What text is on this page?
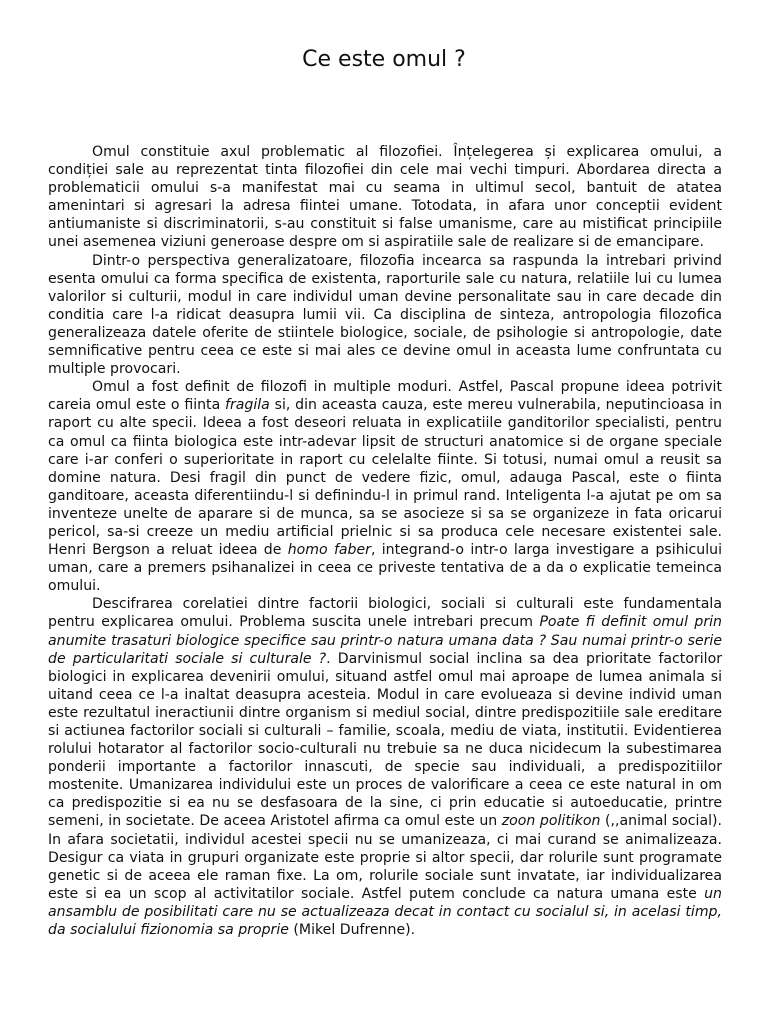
Ce este omul ?

Omul constituie axul problematic al filozofiei. Înțelegerea și explicarea omului, a condiției sale au reprezentat tinta filozofiei din cele mai vechi timpuri. Abordarea directa a problematicii omului s-a manifestat mai cu seama in ultimul secol, bantuit de atatea amenintari si agresari la adresa fiintei umane. Totodata, in afara unor conceptii evident antiumaniste si discriminatorii, s-au constituit si false umanisme, care au mistificat principiile unei asemenea viziuni generoase despre om si aspiratiile sale de realizare si de emancipare.

Dintr-o perspectiva generalizatoare, filozofia incearca sa raspunda la intrebari privind esenta omului ca forma specifica de existenta, raporturile sale cu natura, relatiile lui cu lumea valorilor si culturii, modul in care individul uman devine personalitate sau in care decade din conditia care l-a ridicat deasupra lumii vii. Ca disciplina de sinteza, antropologia filozofica generalizeaza datele oferite de stiintele biologice, sociale, de psihologie si antropologie, date semnificative pentru ceea ce este si mai ales ce devine omul in aceasta lume confruntata cu multiple provocari.

Omul a fost definit de filozofi in multiple moduri. Astfel, Pascal propune ideea potrivit careia omul este o fiinta fragila si, din aceasta cauza, este mereu vulnerabila, neputincioasa in raport cu alte specii. Ideea a fost deseori reluata in explicatiile ganditorilor specialisti, pentru ca omul ca fiinta biologica este intr-adevar lipsit de structuri anatomice si de organe speciale care i-ar conferi o superioritate in raport cu celelalte fiinte. Si totusi, numai omul a reusit sa domine natura. Desi fragil din punct de vedere fizic, omul, adauga Pascal, este o fiinta ganditoare, aceasta diferentiindu-l si definindu-l in primul rand. Inteligenta l-a ajutat pe om sa inventeze unelte de aparare si de munca, sa se asocieze si sa se organizeze in fata oricarui pericol, sa-si creeze un mediu artificial prielnic si sa produca cele necesare existentei sale. Henri Bergson a reluat ideea de homo faber, integrand-o intr-o larga investigare a psihicului uman, care a premers psihanalizei in ceea ce priveste tentativa de a da o explicatie temeinca omului.

Descifrarea corelatiei dintre factorii biologici, sociali si culturali este fundamentala pentru explicarea omului. Problema suscita unele intrebari precum Poate fi definit omul prin anumite trasaturi biologice specifice sau printr-o natura umana data ? Sau numai printr-o serie de particularitati sociale si culturale ?. Darvinismul social inclina sa dea prioritate factorilor biologici in explicarea devenirii omului, situand astfel omul mai aproape de lumea animala si uitand ceea ce l-a inaltat deasupra acesteia. Modul in care evolueaza si devine individ uman este rezultatul ineractiunii dintre organism si mediul social, dintre predispozitiile sale ereditare si actiunea factorilor sociali si culturali – familie, scoala, mediu de viata, institutii. Evidentierea rolului hotarator al factorilor socio-culturali nu trebuie sa ne duca nicidecum la subestimarea ponderii importante a factorilor innascuti, de specie sau individuali, a predispozitiilor mostenite. Umanizarea individului este un proces de valorificare a ceea ce este natural in om ca predispozitie si ea nu se desfasoara de la sine, ci prin educatie si autoeducatie, printre semeni, in societate. De aceea Aristotel afirma ca omul este un zoon politikon (,,animal social). In afara societatii, individul acestei specii nu se umanizeaza, ci mai curand se animalizeaza. Desigur ca viata in grupuri organizate este proprie si altor specii, dar rolurile sunt programate genetic si de aceea ele raman fixe. La om, rolurile sociale sunt invatate, iar individualizarea este si ea un scop al activitatilor sociale. Astfel putem conclude ca natura umana este un ansamblu de posibilitati care nu se actualizeaza decat in contact cu socialul si, in acelasi timp, da socialului fizionomia sa proprie (Mikel Dufrenne).
